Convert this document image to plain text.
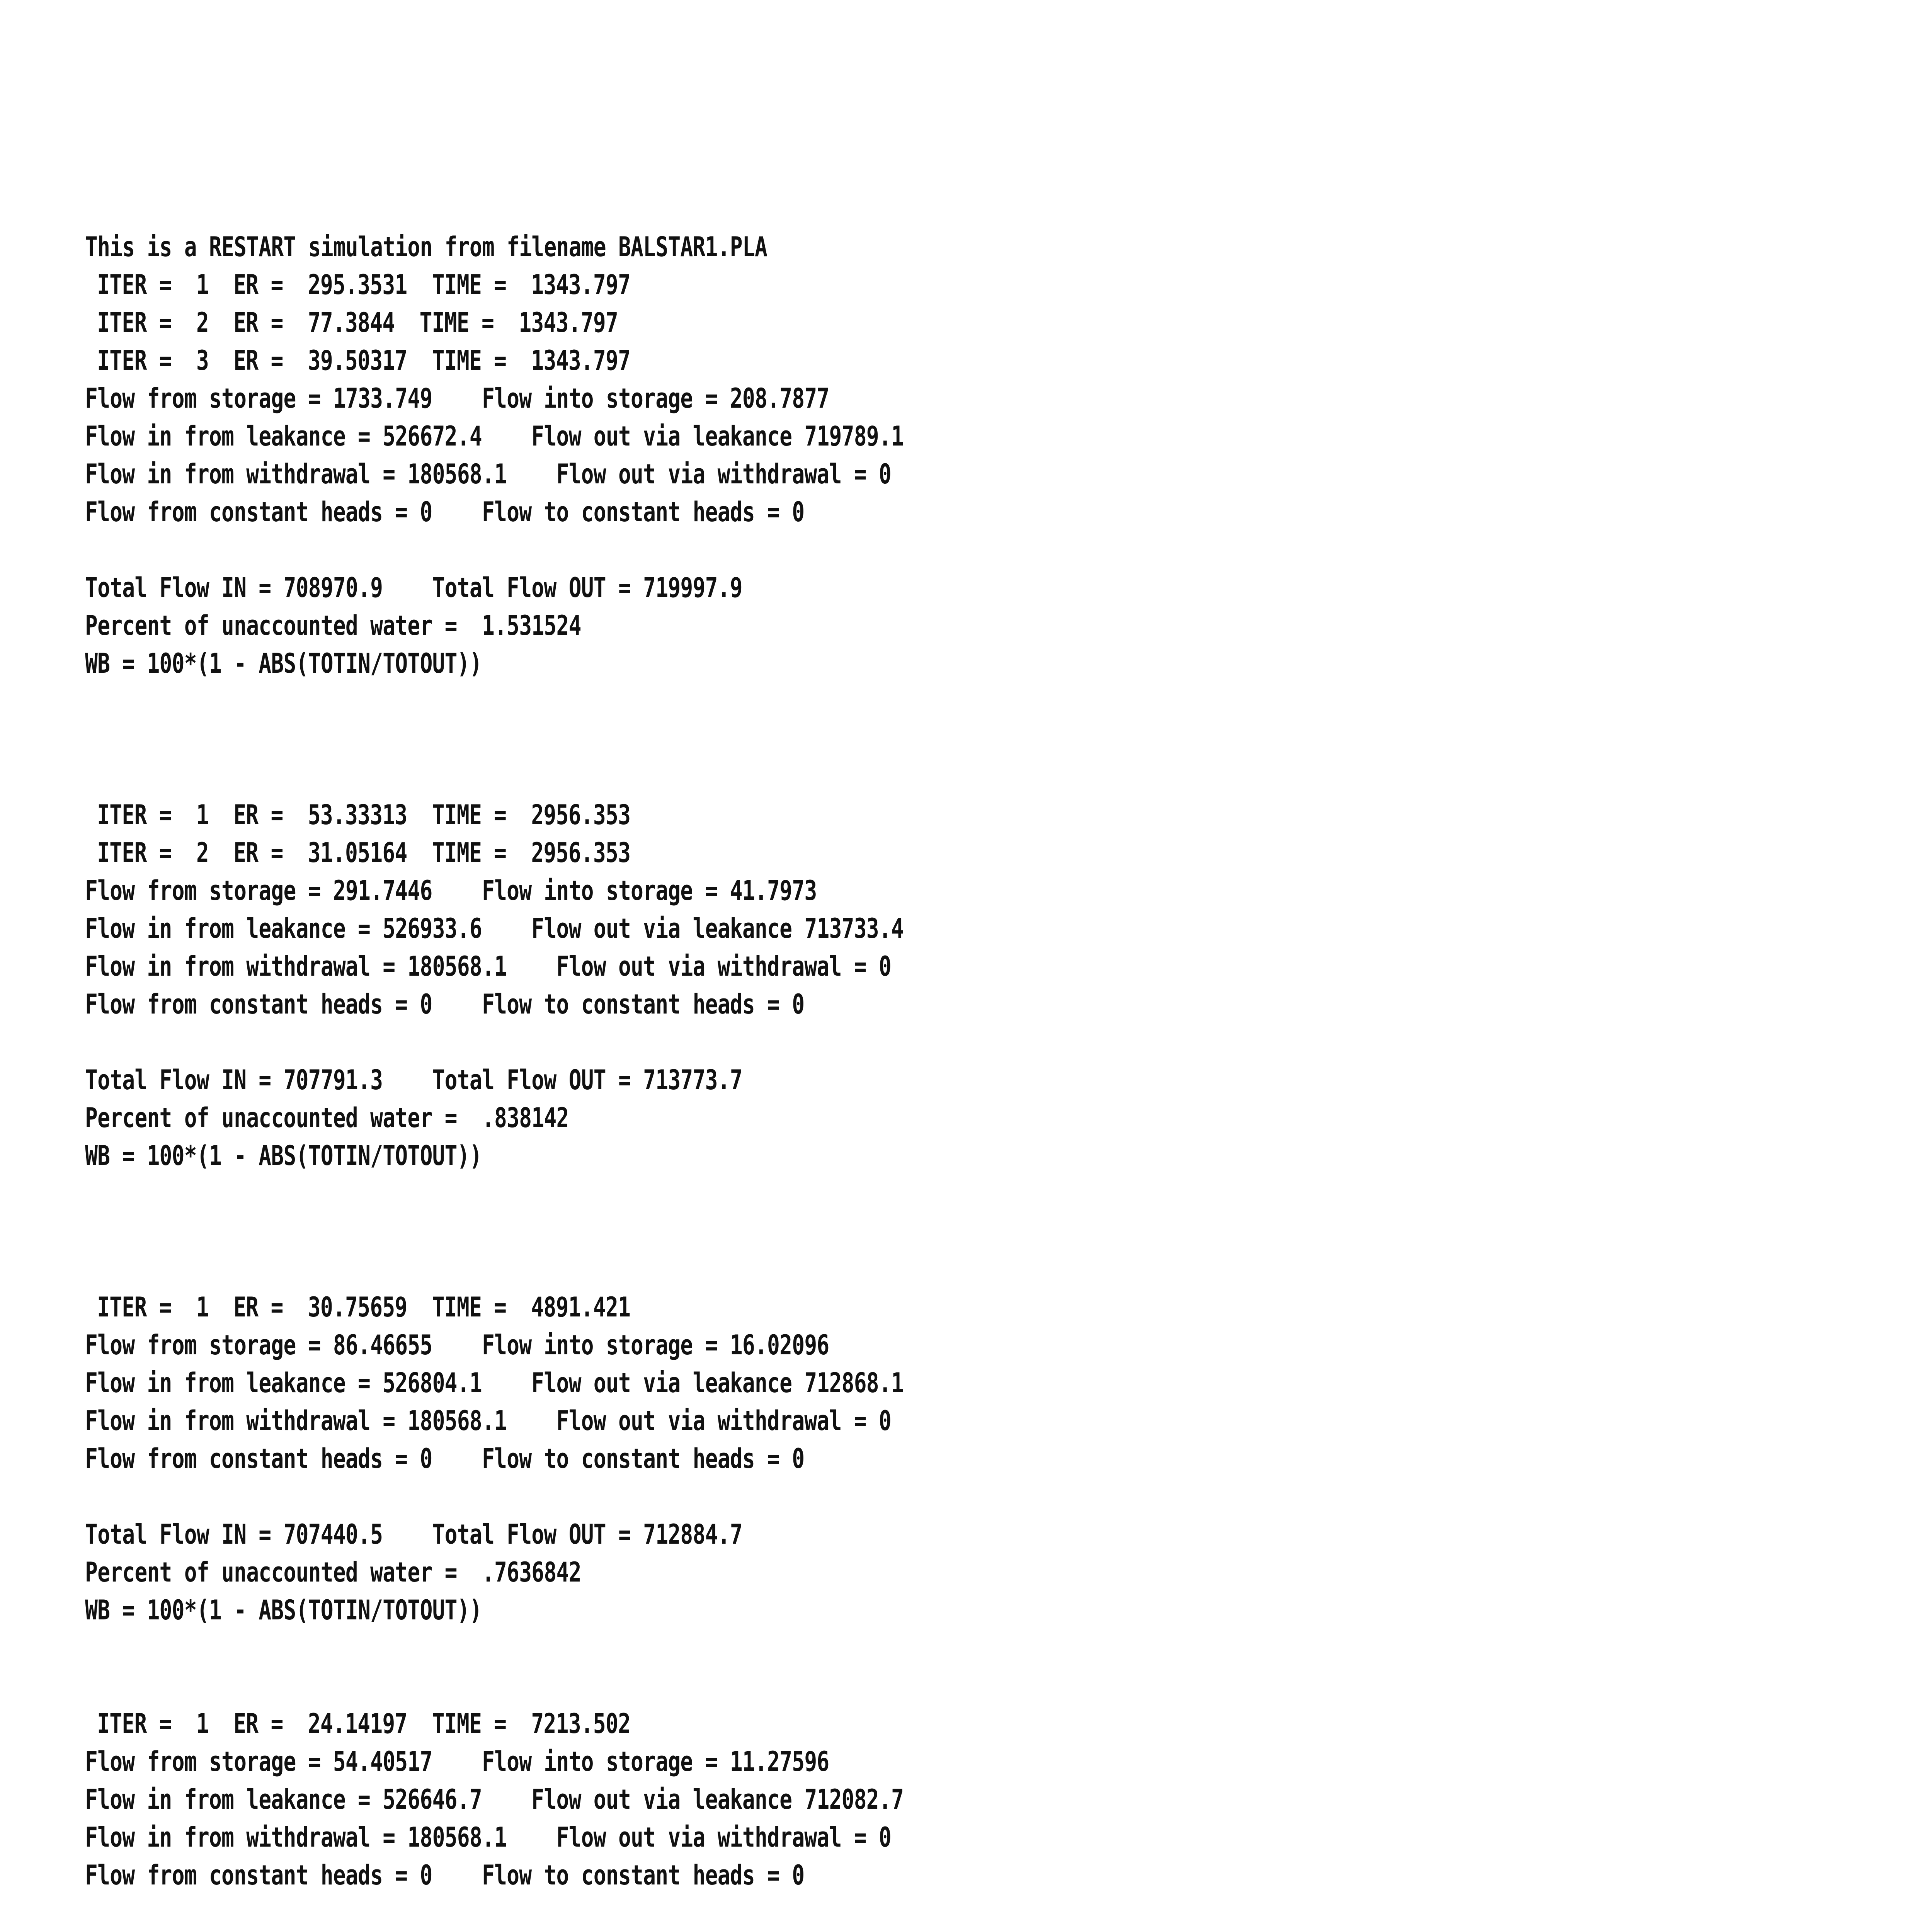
This is a RESTART simulation from filename BALSTAR1.PLA
ITER =  1  ER =  295.3531  TIME =  1343.797
ITER =  2  ER =  77.3844  TIME =  1343.797
ITER =  3  ER =  39.50317  TIME =  1343.797
Flow from storage = 1733.749    Flow into storage = 208.7877
Flow in from leakance = 526672.4    Flow out via leakance 719789.1
Flow in from withdrawal = 180568.1    Flow out via withdrawal = 0
Flow from constant heads = 0    Flow to constant heads = 0
Total Flow IN = 708970.9    Total Flow OUT = 719997.9
Percent of unaccounted water =  1.531524
WB = 100*(1 - ABS(TOTIN/TOTOUT))
ITER =  1  ER =  53.33313  TIME =  2956.353
ITER =  2  ER =  31.05164  TIME =  2956.353
Flow from storage = 291.7446    Flow into storage = 41.7973
Flow in from leakance = 526933.6    Flow out via leakance 713733.4
Flow in from withdrawal = 180568.1    Flow out via withdrawal = 0
Flow from constant heads = 0    Flow to constant heads = 0
Total Flow IN = 707791.3    Total Flow OUT = 713773.7
Percent of unaccounted water =  .838142
WB = 100*(1 - ABS(TOTIN/TOTOUT))
ITER =  1  ER =  30.75659  TIME =  4891.421
Flow from storage = 86.46655    Flow into storage = 16.02096
Flow in from leakance = 526804.1    Flow out via leakance 712868.1
Flow in from withdrawal = 180568.1    Flow out via withdrawal = 0
Flow from constant heads = 0    Flow to constant heads = 0
Total Flow IN = 707440.5    Total Flow OUT = 712884.7
Percent of unaccounted water =  .7636842
WB = 100*(1 - ABS(TOTIN/TOTOUT))
ITER =  1  ER =  24.14197  TIME =  7213.502
Flow from storage = 54.40517    Flow into storage = 11.27596
Flow in from leakance = 526646.7    Flow out via leakance 712082.7
Flow in from withdrawal = 180568.1    Flow out via withdrawal = 0
Flow from constant heads = 0    Flow to constant heads = 0
